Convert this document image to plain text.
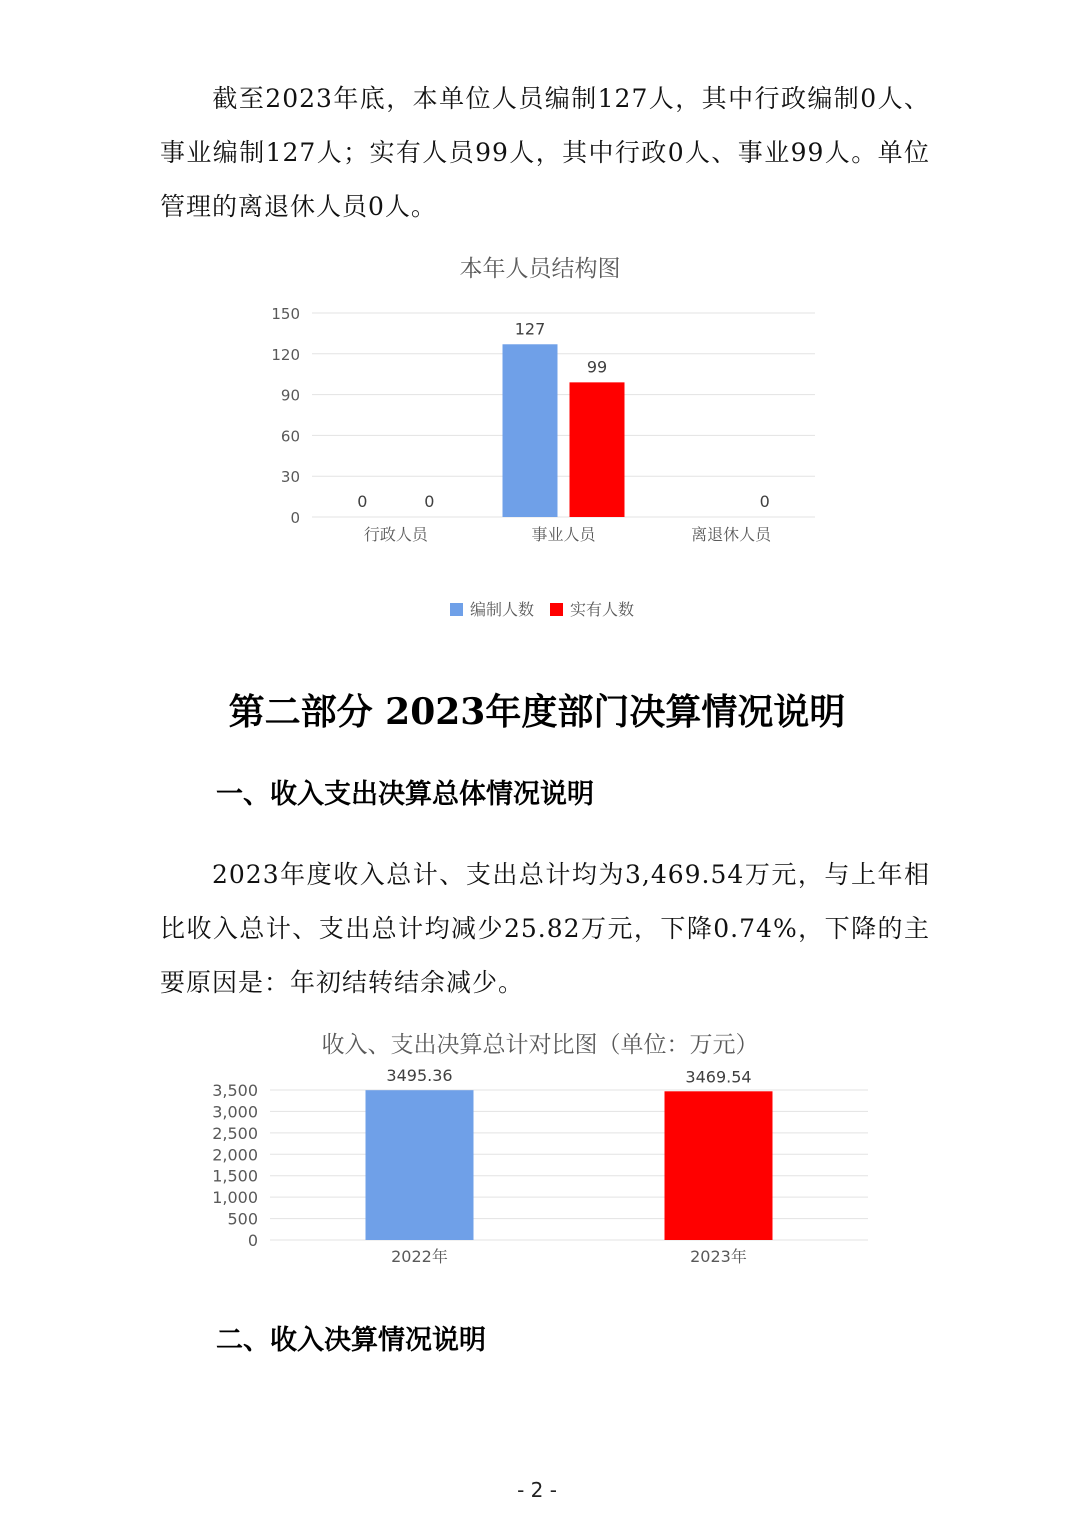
截至2023年底，本单位人员编制127人，其中行政编制0人、事业编制127人；实有人员99人，其中行政0人、事业99人。单位管理的离退休人员0人。

本年人员结构图
0
30
60
90
120
150
行政人员
0	0
事业人员
127
99
离退休人员
0
编制人数 实有人数
第二部分 2023年度部门决算情况说明
一、收入支出决算总体情况说明

2023年度收入总计、支出总计均为3,469.54万元，与上年相比收入总计、支出总计均减少25.82万元，下降0.74%，下降的主要原因是：年初结转结余减少。

收入、支出决算总计对比图（单位：万元）
0
500
1,000
1,500
2,000
2,500
3,000
3,500
3495.36
2022年
3469.54
2023年
二、收入决算情况说明
- 2 -
